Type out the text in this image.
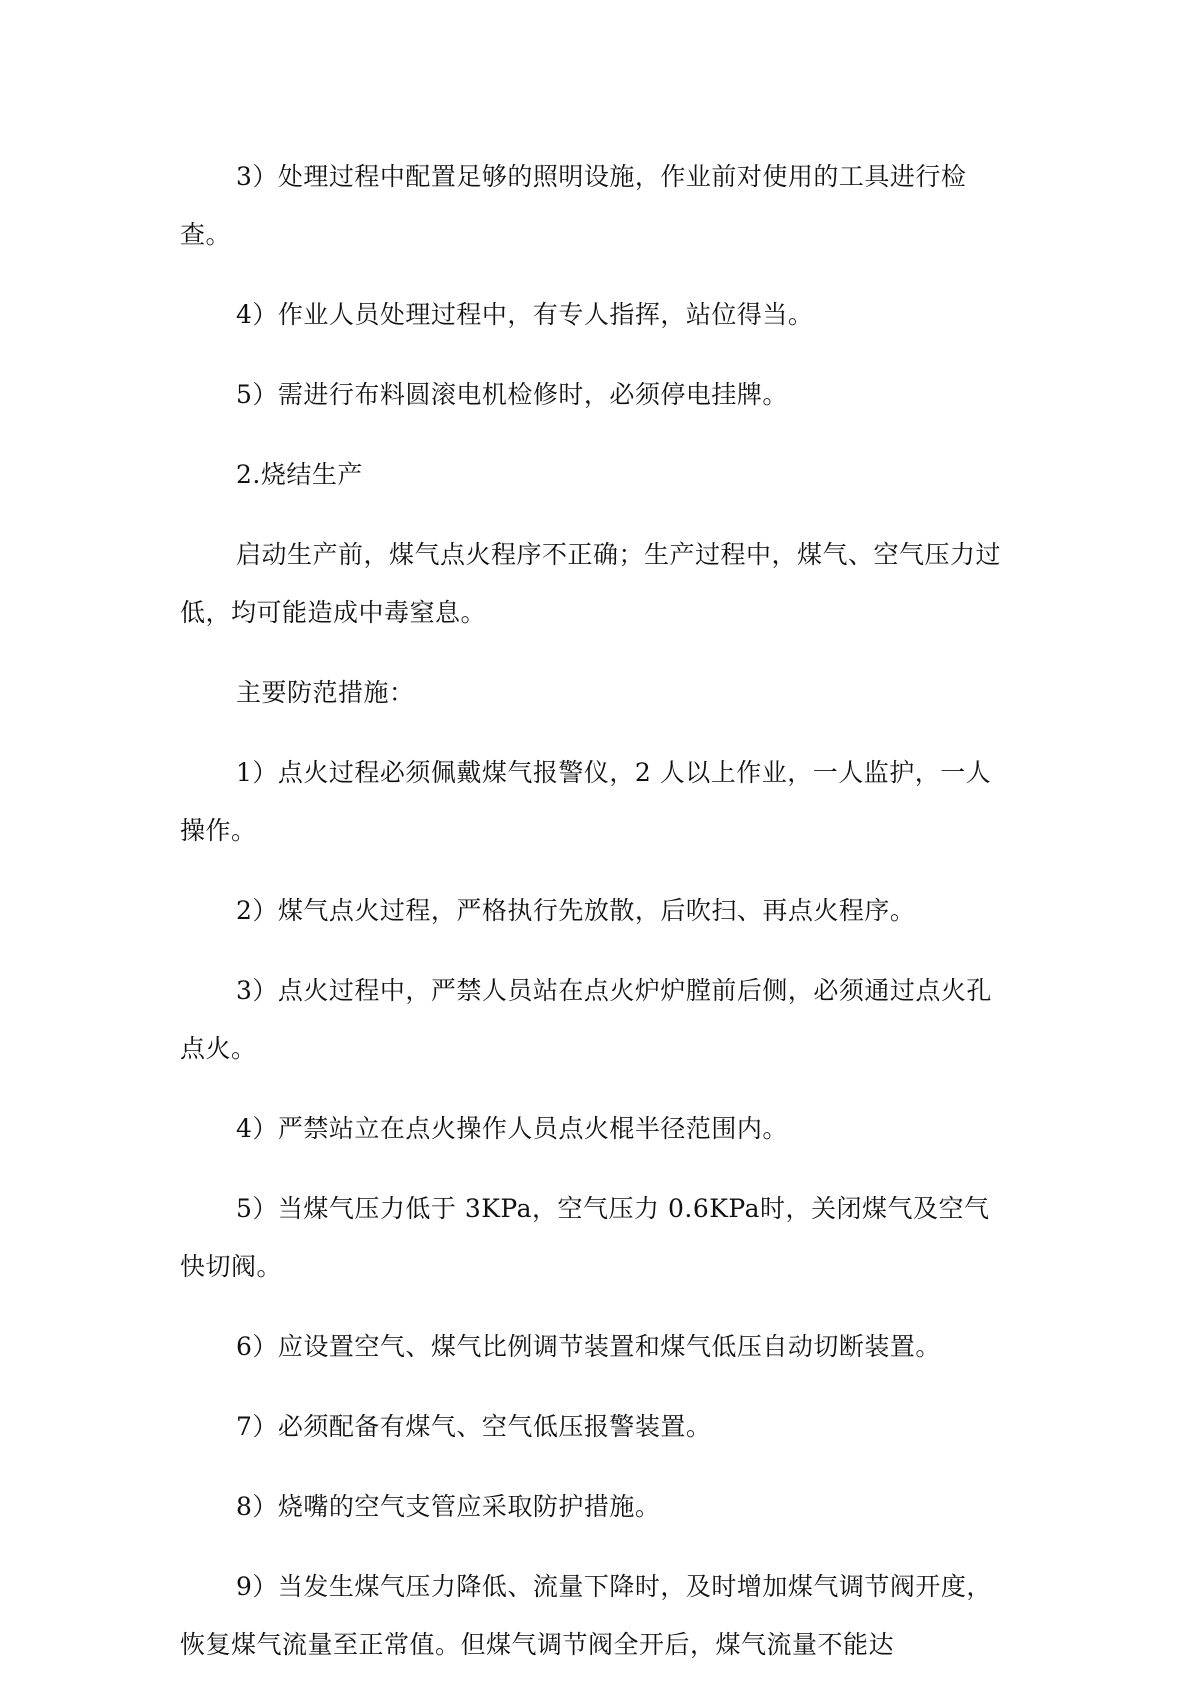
3）处理过程中配置足够的照明设施，作业前对使用的工具进行检查。

4）作业人员处理过程中，有专人指挥，站位得当。

5）需进行布料圆滚电机检修时，必须停电挂牌。

2.烧结生产

启动生产前，煤气点火程序不正确；生产过程中，煤气、空气压力过低，均可能造成中毒窒息。

主要防范措施：

1）点火过程必须佩戴煤气报警仪，2 人以上作业，一人监护，一人操作。

2）煤气点火过程，严格执行先放散，后吹扫、再点火程序。

3）点火过程中，严禁人员站在点火炉炉膛前后侧，必须通过点火孔点火。

4）严禁站立在点火操作人员点火棍半径范围内。

5）当煤气压力低于 3KPa，空气压力 0.6KPa时，关闭煤气及空气快切阀。

6）应设置空气、煤气比例调节装置和煤气低压自动切断装置。

7）必须配备有煤气、空气低压报警装置。

8）烧嘴的空气支管应采取防护措施。

9）当发生煤气压力降低、流量下降时，及时增加煤气调节阀开度，恢复煤气流量至正常值。但煤气调节阀全开后，煤气流量不能达
